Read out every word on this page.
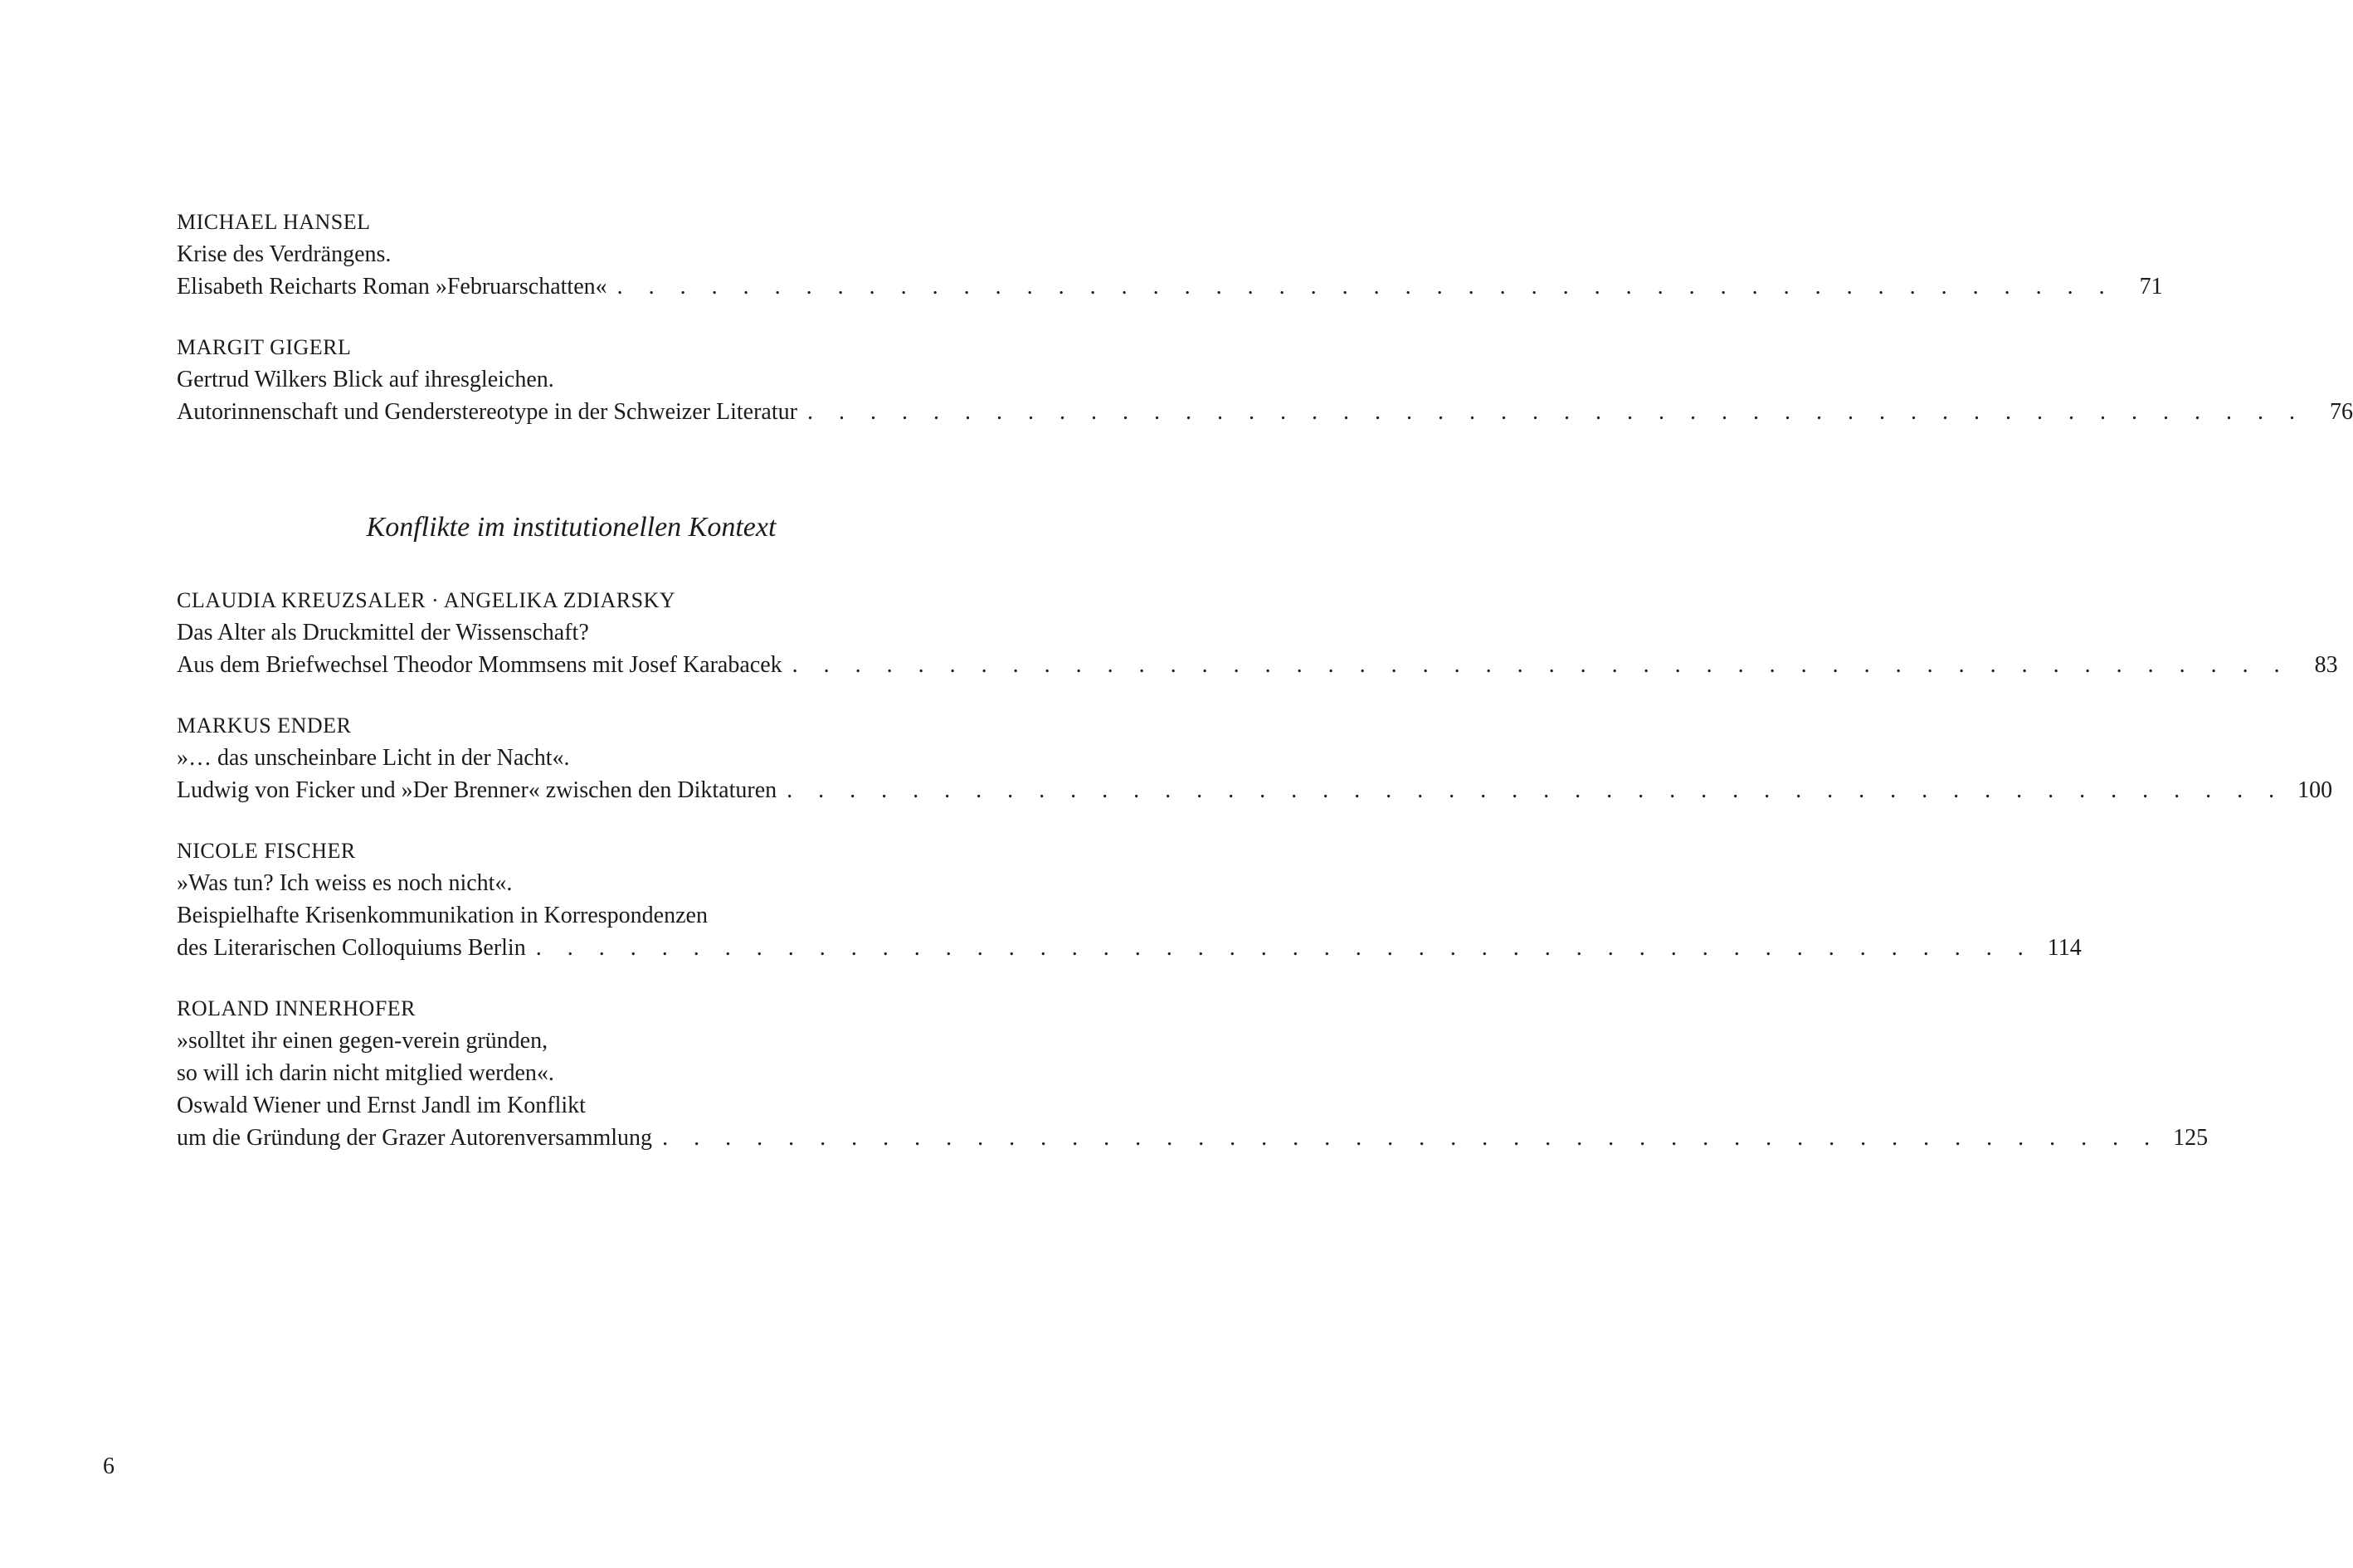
MICHAEL HANSEL
Krise des Verdrängens.
Elisabeth Reicharts Roman »Februarschatten« . . . . . . . . . . . . . . . . . . . . . . . . . . . . . . . . . . . . . . . . . . . . . . . .	71
MARGIT GIGERL
Gertrud Wilkers Blick auf ihresgleichen.
Autorinnenschaft und Genderstereotype in der Schweizer Literatur . . . . . . . . . . . . . . . . . . . . . . . . . . . . . . . . . . . . . . . . . . . . . . . .	76
Konflikte im institutionellen Kontext
CLAUDIA KREUZSALER · ANGELIKA ZDIARSKY
Das Alter als Druckmittel der Wissenschaft?
Aus dem Briefwechsel Theodor Mommsens mit Josef Karabacek . . . . . . . . . . . . . . . . . . . . . . . . . . . . . . . . . . . . . . . . . . . . . . . .	83
MARKUS ENDER
»… das unscheinbare Licht in der Nacht«.
Ludwig von Ficker und »Der Brenner« zwischen den Diktaturen . . . . . . . . . . . . . . . . . . . . . . . . . . . . . . . . . . . . . . . . . . . . . . . . 100
NICOLE FISCHER
»Was tun? Ich weiss es noch nicht«.
Beispielhafte Krisenkommunikation in Korrespondenzen
des Literarischen Colloquiums Berlin . . . . . . . . . . . . . . . . . . . . . . . . . . . . . . . . . . . . . . . . . . . . . . . . 114
ROLAND INNERHOFER
»solltet ihr einen gegen-verein gründen,
so will ich darin nicht mitglied werden«.
Oswald Wiener und Ernst Jandl im Konflikt
um die Gründung der Grazer Autorenversammlung . . . . . . . . . . . . . . . . . . . . . . . . . . . . . . . . . . . . . . . . . . . . . . . . 125
6
